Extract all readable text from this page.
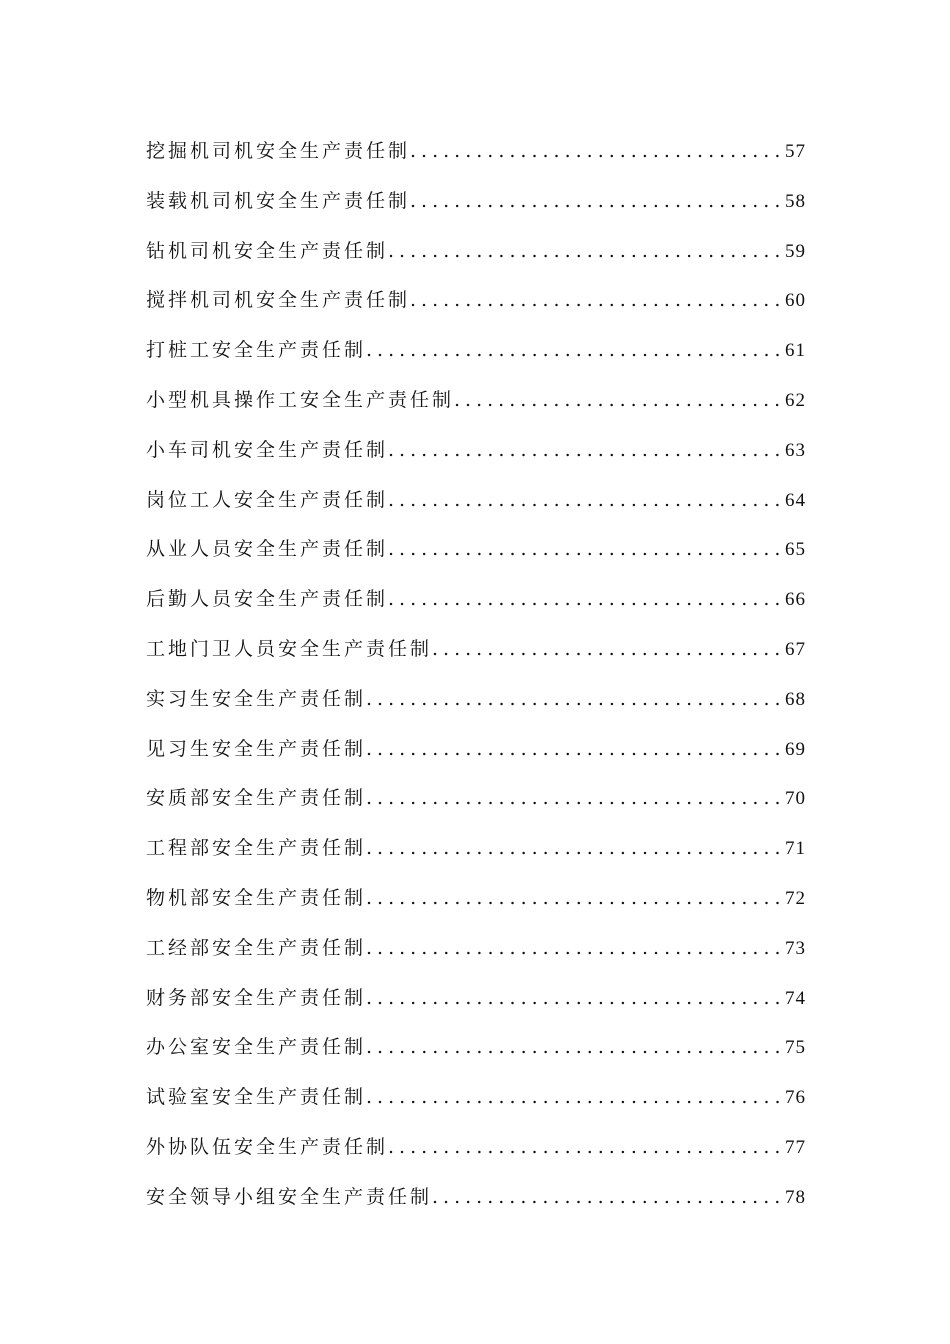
挖掘机司机安全生产责任制 .....	57
装载机司机安全生产责任制 .....	58
钻机司机安全生产责任制 .....	59
搅拌机司机安全生产责任制 .....	60
打桩工安全生产责任制 .....	61
小型机具操作工安全生产责任制 .....	62
小车司机安全生产责任制 .....	63
岗位工人安全生产责任制 .....	64
从业人员安全生产责任制 .....	65
后勤人员安全生产责任制 .....	66
工地门卫人员安全生产责任制 .....	67
实习生安全生产责任制 .....	68
见习生安全生产责任制 .....	69
安质部安全生产责任制 .....	70
工程部安全生产责任制 .....	71
物机部安全生产责任制 .....	72
工经部安全生产责任制 .....	73
财务部安全生产责任制 .....	74
办公室安全生产责任制 .....	75
试验室安全生产责任制 .....	76
外协队伍安全生产责任制 .....	77
安全领导小组安全生产责任制 .....	78
